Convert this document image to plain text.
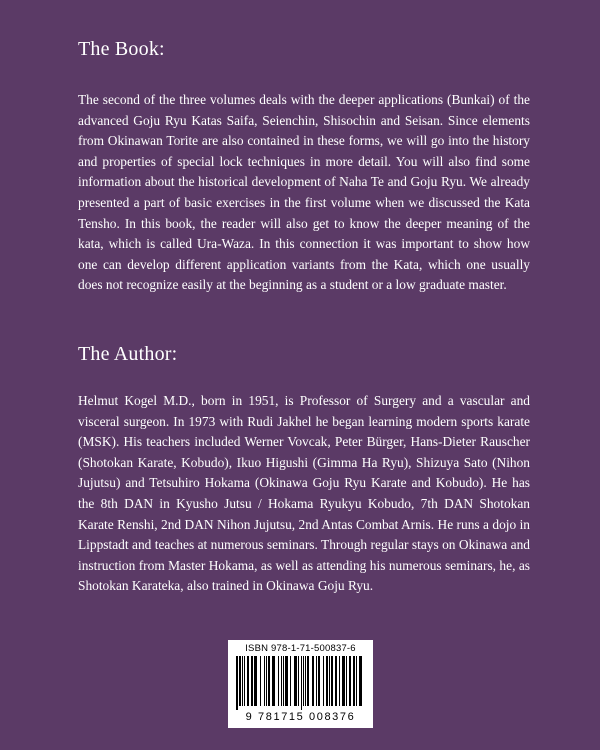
The Book:

The second of the three volumes deals with the deeper applications (Bunkai) of the advanced Goju Ryu Katas Saifa, Seienchin, Shisochin and Seisan. Since elements from Okinawan Torite are also contained in these forms, we will go into the history and properties of special lock techniques in more detail. You will also find some information about the historical development of Naha Te and Goju Ryu. We already presented a part of basic exercises in the first volume when we discussed the Kata Tensho. In this book, the reader will also get to know the deeper meaning of the kata, which is called Ura-Waza. In this connection it was important to show how one can develop different application variants from the Kata, which one usually does not recognize easily at the beginning as a student or a low graduate master.

The Author:

Helmut Kogel M.D., born in 1951, is Professor of Surgery and a vascular and visceral surgeon. In 1973 with Rudi Jakhel he began learning modern sports karate (MSK). His teachers included Werner Vovcak, Peter Bürger, Hans-Dieter Rauscher (Shotokan Karate, Kobudo), Ikuo Higushi (Gimma Ha Ryu), Shizuya Sato (Nihon Jujutsu) and Tetsuhiro Hokama (Okinawa Goju Ryu Karate and Kobudo). He has the 8th DAN in Kyusho Jutsu / Hokama Ryukyu Kobudo, 7th DAN Shotokan Karate Renshi, 2nd DAN Nihon Jujutsu, 2nd Antas Combat Arnis. He runs a dojo in Lippstadt and teaches at numerous seminars. Through regular stays on Okinawa and instruction from Master Hokama, as well as attending his numerous seminars, he, as Shotokan Karateka, also trained in Okinawa Goju Ryu.

ISBN 978-1-71-500837-6
9 781715 008376
